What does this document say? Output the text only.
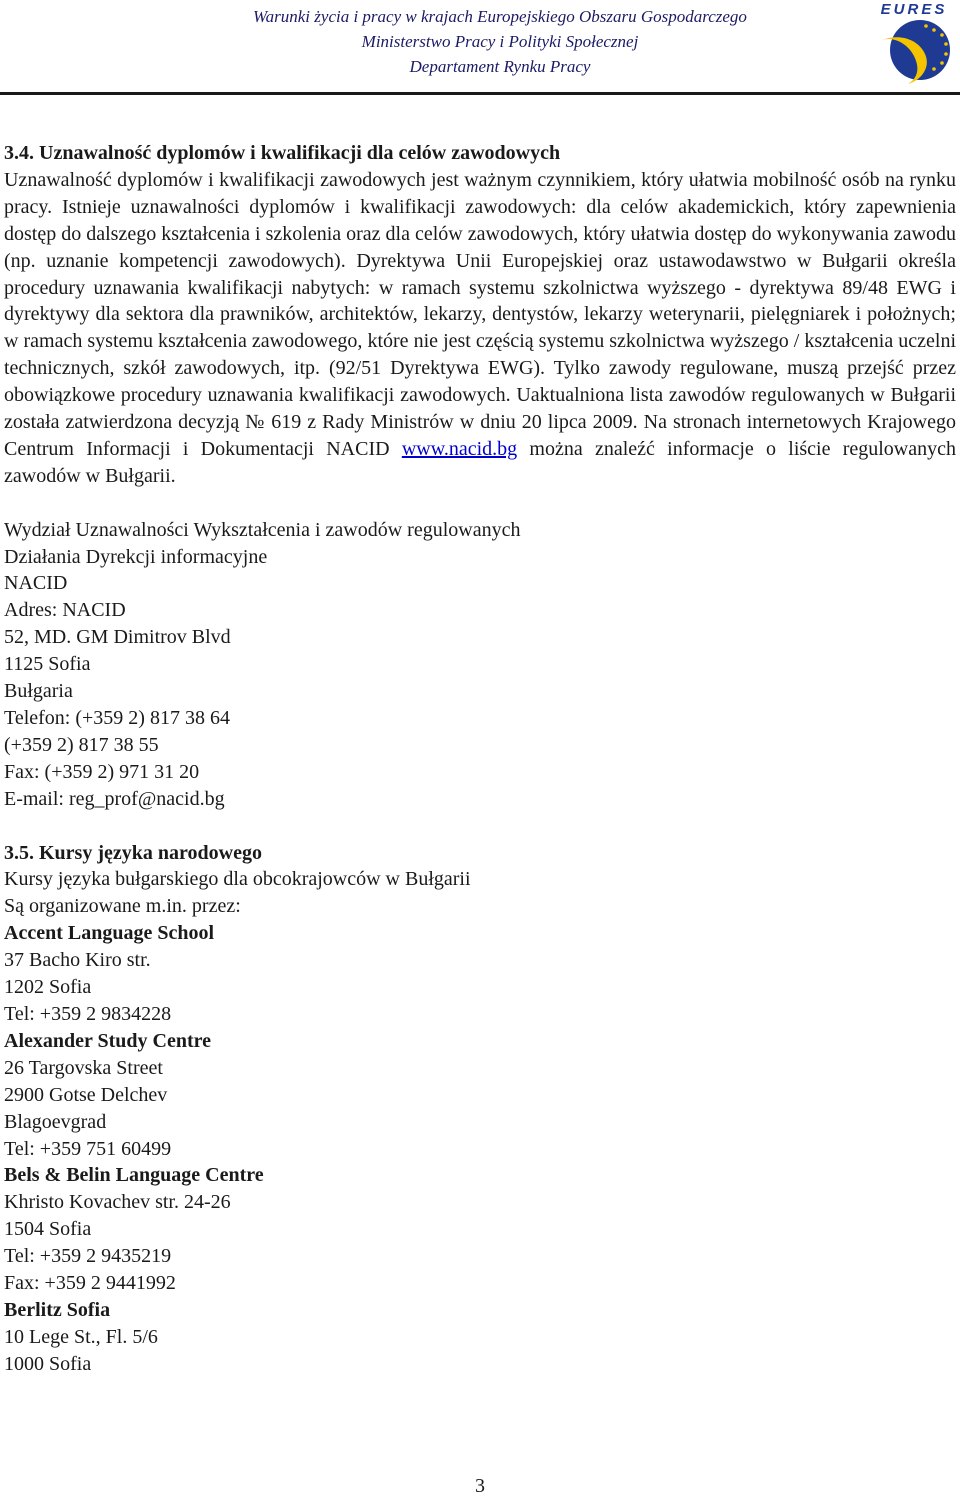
Warunki życia i pracy w krajach Europejskiego Obszaru Gospodarczego
Ministerstwo Pracy i Polityki Społecznej
Departament Rynku Pracy
EURES

3.4. Uznawalność dyplomów i kwalifikacji dla celów zawodowych

Uznawalność dyplomów i kwalifikacji zawodowych jest ważnym czynnikiem, który ułatwia mobilność osób na rynku pracy. Istnieje uznawalności dyplomów i kwalifikacji zawodowych: dla celów akademickich, który zapewnienia dostęp do dalszego kształcenia i szkolenia oraz dla celów zawodowych, który ułatwia dostęp do wykonywania zawodu (np. uznanie kompetencji zawodowych). Dyrektywa Unii Europejskiej oraz ustawodawstwo w Bułgarii określa procedury uznawania kwalifikacji nabytych: w ramach systemu szkolnictwa wyższego - dyrektywa 89/48 EWG i dyrektywy dla sektora dla prawników, architektów, lekarzy, dentystów, lekarzy weterynarii, pielęgniarek i położnych; w ramach systemu kształcenia zawodowego, które nie jest częścią systemu szkolnictwa wyższego / kształcenia uczelni technicznych, szkół zawodowych, itp. (92/51 Dyrektywa EWG). Tylko zawody regulowane, muszą przejść przez obowiązkowe procedury uznawania kwalifikacji zawodowych. Uaktualniona lista zawodów regulowanych w Bułgarii została zatwierdzona decyzją № 619 z Rady Ministrów w dniu 20 lipca 2009. Na stronach internetowych Krajowego Centrum Informacji i Dokumentacji NACID www.nacid.bg można znaleźć informacje o liście regulowanych zawodów w Bułgarii.

Wydział Uznawalności Wykształcenia i zawodów regulowanych

Działania Dyrekcji informacyjne

NACID

Adres: NACID

52, MD. GM Dimitrov Blvd

1125 Sofia

Bułgaria

Telefon: (+359 2) 817 38 64

(+359 2) 817 38 55

Fax: (+359 2) 971 31 20

E-mail: reg_prof@nacid.bg

3.5. Kursy języka narodowego

Kursy języka bułgarskiego dla obcokrajowców w Bułgarii

Są organizowane m.in. przez:

Accent Language School

37 Bacho Kiro str.

1202 Sofia

Tel: +359 2 9834228

Alexander Study Centre

26 Targovska Street

2900 Gotse Delchev

Blagoevgrad

Tel: +359 751 60499

Bels & Belin Language Centre

Khristo Kovachev str. 24-26

1504 Sofia

Tel: +359 2 9435219

Fax: +359 2 9441992

Berlitz Sofia

10 Lege St., Fl. 5/6

1000 Sofia

3
